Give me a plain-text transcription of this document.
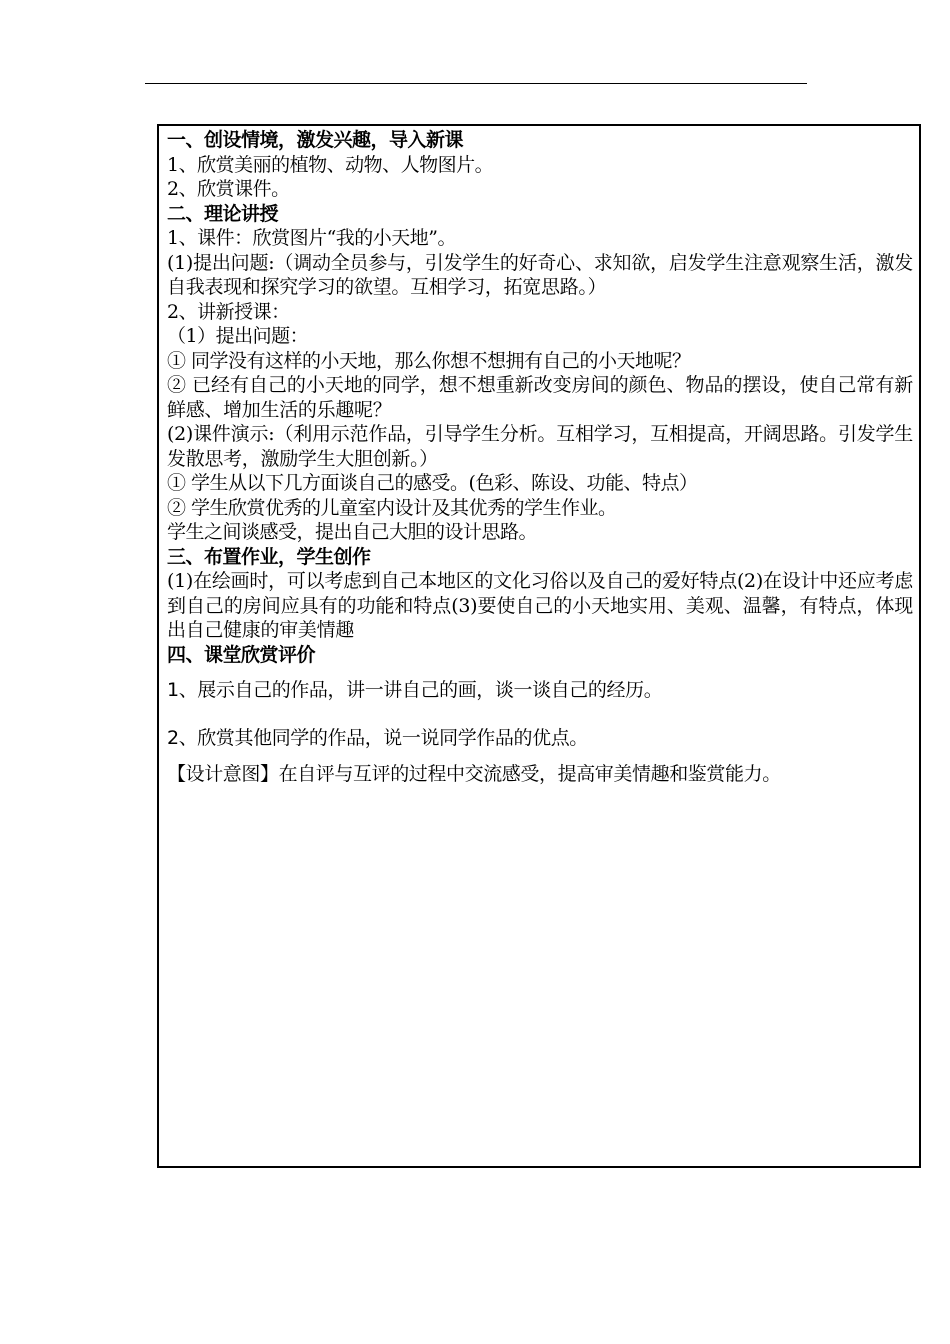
一、创设情境，激发兴趣，导入新课
1、欣赏美丽的植物、动物、人物图片。
2、欣赏课件。
二、理论讲授
1、课件：欣赏图片“我的小天地”。
(1)提出问题:（调动全员参与，引发学生的好奇心、求知欲，启发学生注意观察生活，激发自我表现和探究学习的欲望。互相学习，拓宽思路。）
2、讲新授课：
（1）提出问题：
① 同学没有这样的小天地，那么你想不想拥有自己的小天地呢？
② 已经有自己的小天地的同学，想不想重新改变房间的颜色、物品的摆设，使自己常有新鲜感、增加生活的乐趣呢？
(2)课件演示:（利用示范作品，引导学生分析。互相学习，互相提高，开阔思路。引发学生发散思考，激励学生大胆创新。）
① 学生从以下几方面谈自己的感受。(色彩、陈设、功能、特点）
② 学生欣赏优秀的儿童室内设计及其优秀的学生作业。
学生之间谈感受，提出自己大胆的设计思路。
三、布置作业，学生创作
(1)在绘画时，可以考虑到自己本地区的文化习俗以及自己的爱好特点(2)在设计中还应考虑到自己的房间应具有的功能和特点(3)要使自己的小天地实用、美观、温馨，有特点，体现出自己健康的审美情趣
四、课堂欣赏评价
1、展示自己的作品，讲一讲自己的画，谈一谈自己的经历。
2、欣赏其他同学的作品，说一说同学作品的优点。
【设计意图】在自评与互评的过程中交流感受，提高审美情趣和鉴赏能力。
